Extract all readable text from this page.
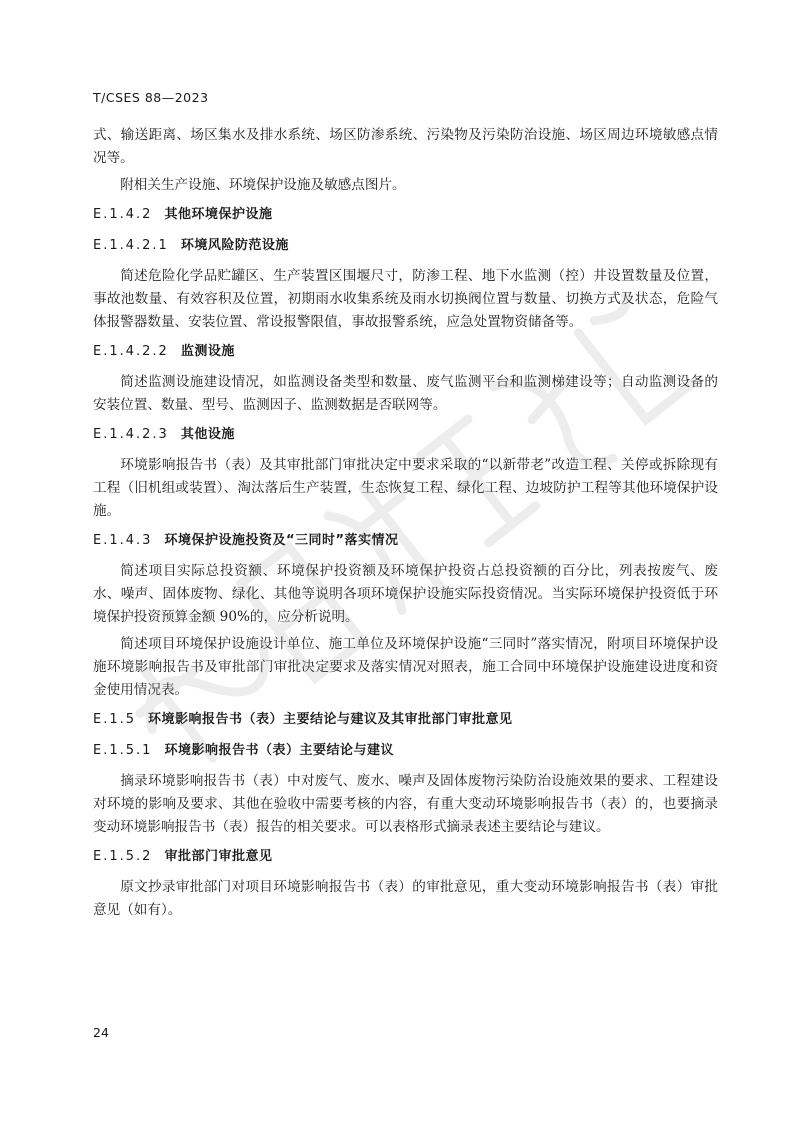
T/CSES 88—2023

式、输送距离、场区集水及排水系统、场区防渗系统、污染物及污染防治设施、场区周边环境敏感点情况等。

附相关生产设施、环境保护设施及敏感点图片。

E.1.4.2 其他环境保护设施
E.1.4.2.1 环境风险防范设施

简述危险化学品贮罐区、生产装置区围堰尺寸，防渗工程、地下水监测（控）井设置数量及位置，事故池数量、有效容积及位置，初期雨水收集系统及雨水切换阀位置与数量、切换方式及状态，危险气体报警器数量、安装位置、常设报警限值，事故报警系统，应急处置物资储备等。

E.1.4.2.2 监测设施

简述监测设施建设情况，如监测设备类型和数量、废气监测平台和监测梯建设等；自动监测设备的安装位置、数量、型号、监测因子、监测数据是否联网等。

E.1.4.2.3 其他设施

环境影响报告书（表）及其审批部门审批决定中要求采取的“以新带老”改造工程、关停或拆除现有工程（旧机组或装置）、淘汰落后生产装置，生态恢复工程、绿化工程、边坡防护工程等其他环境保护设施。

E.1.4.3 环境保护设施投资及“三同时”落实情况

简述项目实际总投资额、环境保护投资额及环境保护投资占总投资额的百分比，列表按废气、废水、噪声、固体废物、绿化、其他等说明各项环境保护设施实际投资情况。当实际环境保护投资低于环境保护投资预算金额 90%的，应分析说明。

简述项目环境保护设施设计单位、施工单位及环境保护设施“三同时”落实情况，附项目环境保护设施环境影响报告书及审批部门审批决定要求及落实情况对照表，施工合同中环境保护设施建设进度和资金使用情况表。

E.1.5 环境影响报告书（表）主要结论与建议及其审批部门审批意见
E.1.5.1 环境影响报告书（表）主要结论与建议

摘录环境影响报告书（表）中对废气、废水、噪声及固体废物污染防治设施效果的要求、工程建设对环境的影响及要求、其他在验收中需要考核的内容，有重大变动环境影响报告书（表）的，也要摘录变动环境影响报告书（表）报告的相关要求。可以表格形式摘录表述主要结论与建议。

E.1.5.2 审批部门审批意见

原文抄录审批部门对项目环境影响报告书（表）的审批意见，重大变动环境影响报告书（表）审批意见（如有）。

24
